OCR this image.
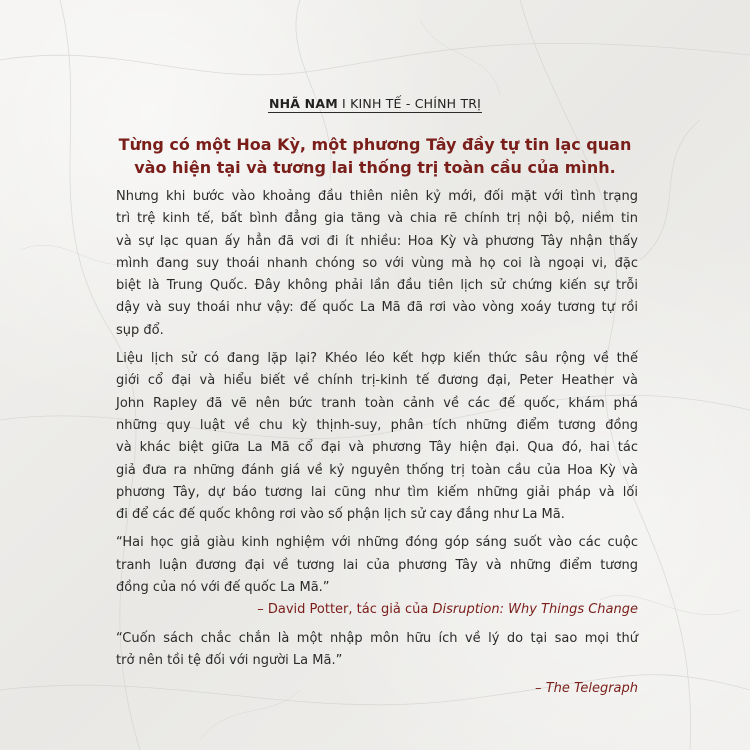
NHÃ NAM I KINH TẾ - CHÍNH TRỊ
Từng có một Hoa Kỳ, một phương Tây đầy tự tin lạc quan
vào hiện tại và tương lai thống trị toàn cầu của mình.
Nhưng khi bước vào khoảng đầu thiên niên kỷ mới, đối mặt với tình trạng
trì trệ kinh tế, bất bình đẳng gia tăng và chia rẽ chính trị nội bộ, niềm tin
và sự lạc quan ấy hẳn đã vơi đi ít nhiều: Hoa Kỳ và phương Tây nhận thấy
mình đang suy thoái nhanh chóng so với vùng mà họ coi là ngoại vi, đặc
biệt là Trung Quốc. Đây không phải lần đầu tiên lịch sử chứng kiến sự trỗi
dậy và suy thoái như vậy: đế quốc La Mã đã rơi vào vòng xoáy tương tự rồi
sụp đổ.
Liệu lịch sử có đang lặp lại? Khéo léo kết hợp kiến thức sâu rộng về thế
giới cổ đại và hiểu biết về chính trị-kinh tế đương đại, Peter Heather và
John Rapley đã vẽ nên bức tranh toàn cảnh về các đế quốc, khám phá
những quy luật về chu kỳ thịnh-suy, phân tích những điểm tương đồng
và khác biệt giữa La Mã cổ đại và phương Tây hiện đại. Qua đó, hai tác
giả đưa ra những đánh giá về kỷ nguyên thống trị toàn cầu của Hoa Kỳ và
phương Tây, dự báo tương lai cũng như tìm kiếm những giải pháp và lối
đi để các đế quốc không rơi vào số phận lịch sử cay đắng như La Mã.
“Hai học giả giàu kinh nghiệm với những đóng góp sáng suốt vào các cuộc
tranh luận đương đại về tương lai của phương Tây và những điểm tương
đồng của nó với đế quốc La Mã.”
– David Potter, tác giả của Disruption: Why Things Change
“Cuốn sách chắc chắn là một nhập môn hữu ích về lý do tại sao mọi thứ
trở nên tồi tệ đối với người La Mã.”
– The Telegraph
